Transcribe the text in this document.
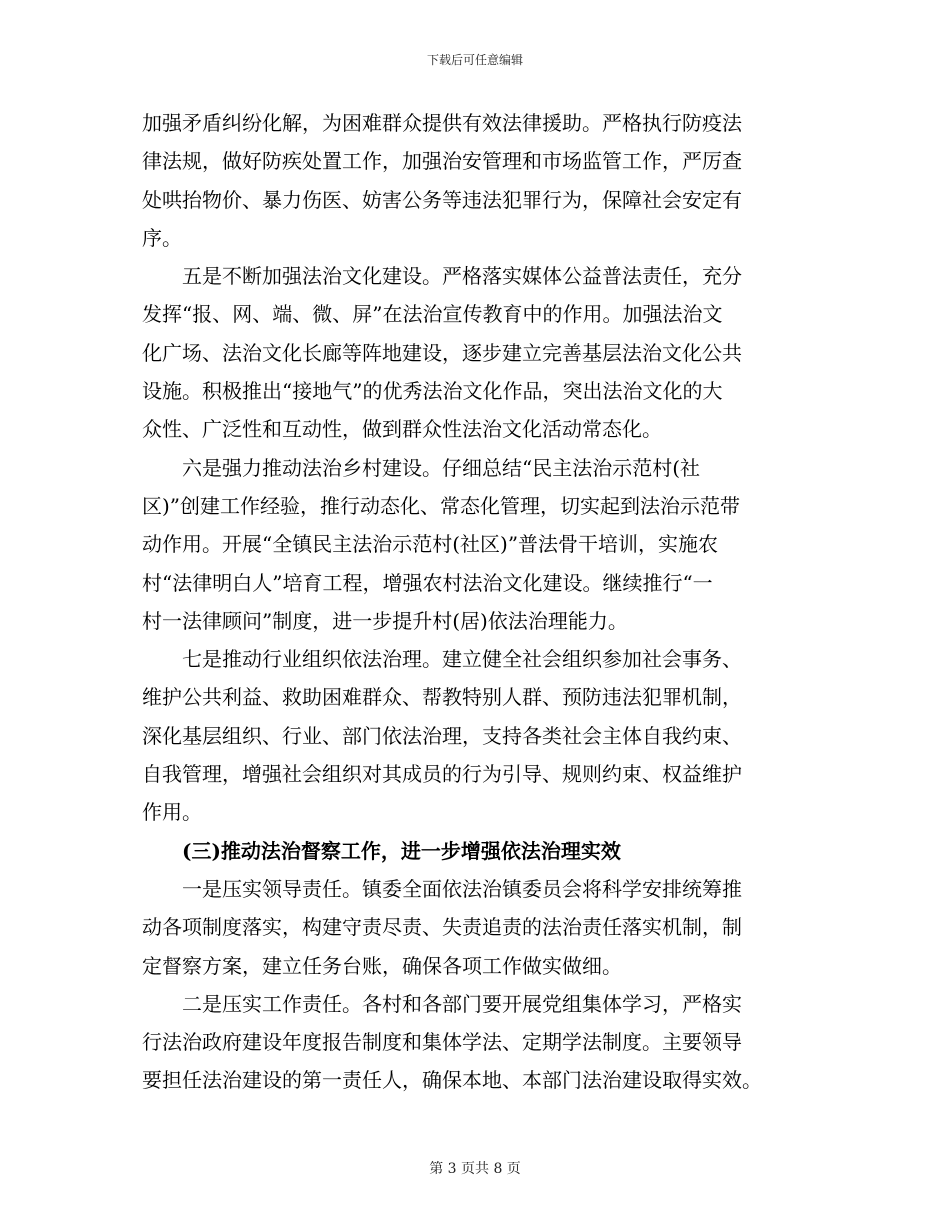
下载后可任意编辑
加强矛盾纠纷化解，为困难群众提供有效法律援助。严格执行防疫法
律法规，做好防疾处置工作，加强治安管理和市场监管工作，严厉查
处哄抬物价、暴力伤医、妨害公务等违法犯罪行为，保障社会安定有
序。
五是不断加强法治文化建设。严格落实媒体公益普法责任，充分
发挥“报、网、端、微、屏”在法治宣传教育中的作用。加强法治文
化广场、法治文化长廊等阵地建设，逐步建立完善基层法治文化公共
设施。积极推出“接地气”的优秀法治文化作品，突出法治文化的大
众性、广泛性和互动性，做到群众性法治文化活动常态化。
六是强力推动法治乡村建设。仔细总结“民主法治示范村(社
区)”创建工作经验，推行动态化、常态化管理，切实起到法治示范带
动作用。开展“全镇民主法治示范村(社区)”普法骨干培训，实施农
村“法律明白人”培育工程，增强农村法治文化建设。继续推行“一
村一法律顾问”制度，进一步提升村(居)依法治理能力。
七是推动行业组织依法治理。建立健全社会组织参加社会事务、
维护公共利益、救助困难群众、帮教特别人群、预防违法犯罪机制，
深化基层组织、行业、部门依法治理，支持各类社会主体自我约束、
自我管理，增强社会组织对其成员的行为引导、规则约束、权益维护
作用。
(三)推动法治督察工作，进一步增强依法治理实效
一是压实领导责任。镇委全面依法治镇委员会将科学安排统筹推
动各项制度落实，构建守责尽责、失责追责的法治责任落实机制，制
定督察方案，建立任务台账，确保各项工作做实做细。
二是压实工作责任。各村和各部门要开展党组集体学习，严格实
行法治政府建设年度报告制度和集体学法、定期学法制度。主要领导
要担任法治建设的第一责任人，确保本地、本部门法治建设取得实效。
第 3 页共 8 页
